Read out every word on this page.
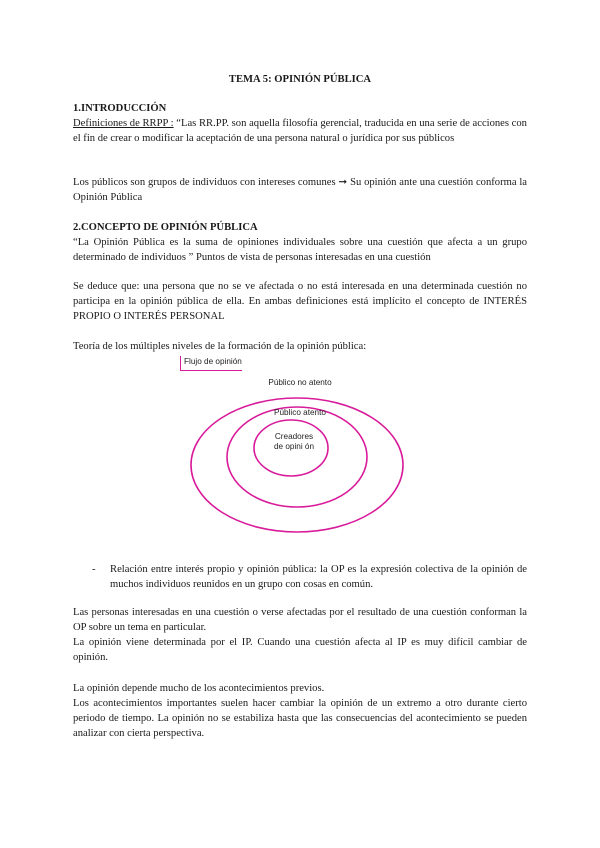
TEMA 5: OPINIÓN PÚBLICA
1.INTRODUCCIÓN
Definiciones de RRPP : “Las RR.PP. son aquella filosofía gerencial, traducida en una serie de acciones con el fin de crear o modificar la aceptación de una persona natural o jurídica por sus públicos
Los públicos son grupos de individuos con intereses comunes ➞ Su opinión ante una cuestión conforma la Opinión Pública
2.CONCEPTO DE OPINIÓN PÚBLICA
“La Opinión Pública es la suma de opiniones individuales sobre una cuestión que afecta a un grupo determinado de individuos ” Puntos de vista de personas interesadas en una cuestión
Se deduce que: una persona que no se ve afectada o no está interesada en una determinada cuestión no participa en la opinión pública de ella. En ambas definiciones está implícito el concepto de INTERÉS PROPIO O INTERÉS PERSONAL
Teoría de los múltiples niveles de la formación de la opinión pública:
Flujo de opinión
Público no atento
Público atento
Creadores
de opini ón
- Relación entre interés propio y opinión pública: la OP es la expresión colectiva de la opinión de muchos individuos reunidos en un grupo con cosas en común.
Las personas interesadas en una cuestión o verse afectadas por el resultado de una cuestión conforman la OP sobre un tema en particular.
La opinión viene determinada por el IP. Cuando una cuestión afecta al IP es muy difícil cambiar de opinión.
La opinión depende mucho de los acontecimientos previos.
Los acontecimientos importantes suelen hacer cambiar la opinión de un extremo a otro durante cierto periodo de tiempo. La opinión no se estabiliza hasta que las consecuencias del acontecimiento se pueden analizar con cierta perspectiva.
